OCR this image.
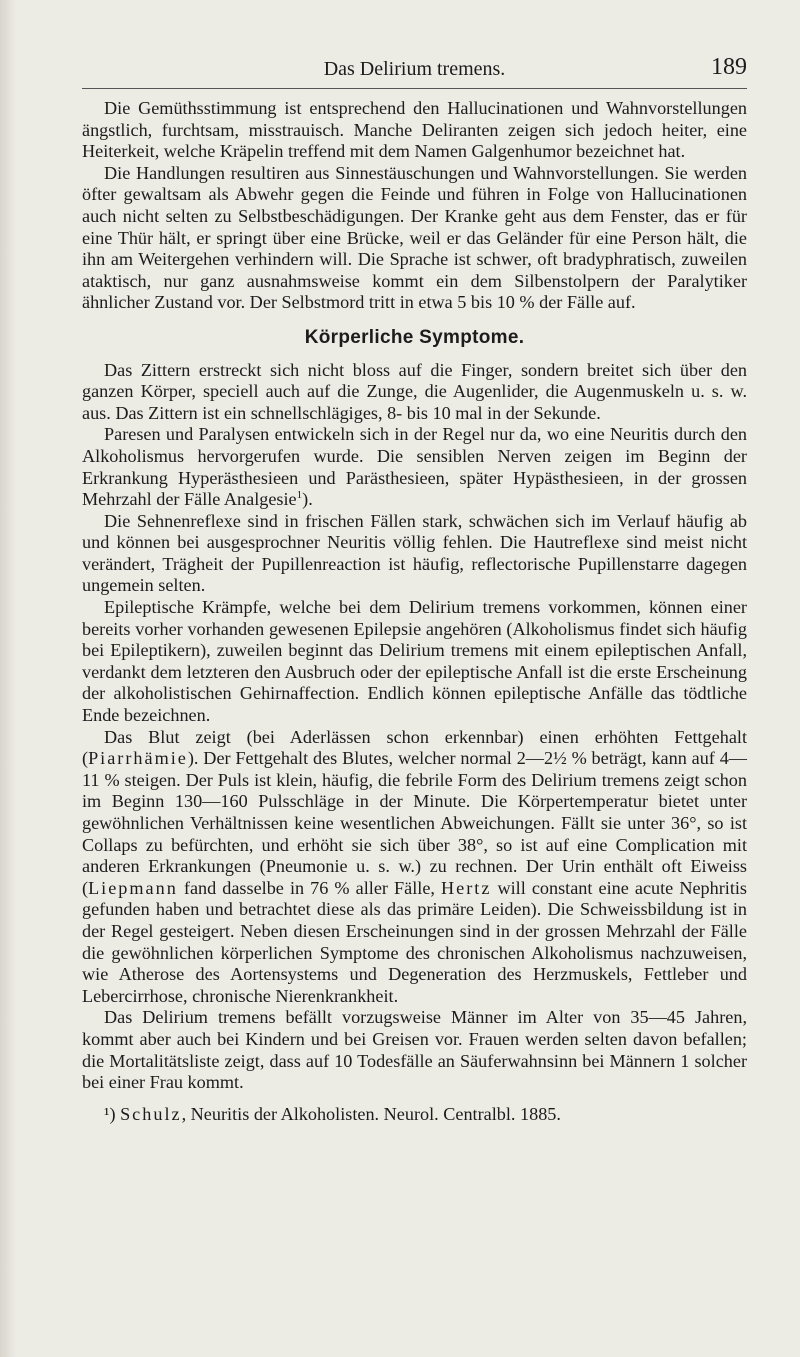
Das Delirium tremens.	189

Die Gemüthsstimmung ist entsprechend den Hallucinationen und Wahnvorstellungen ängstlich, furchtsam, misstrauisch. Manche Deliranten zeigen sich jedoch heiter, eine Heiterkeit, welche Kräpelin treffend mit dem Namen Galgenhumor bezeichnet hat.

Die Handlungen resultiren aus Sinnestäuschungen und Wahnvorstellungen. Sie werden öfter gewaltsam als Abwehr gegen die Feinde und führen in Folge von Hallucinationen auch nicht selten zu Selbstbeschädigungen. Der Kranke geht aus dem Fenster, das er für eine Thür hält, er springt über eine Brücke, weil er das Geländer für eine Person hält, die ihn am Weitergehen verhindern will. Die Sprache ist schwer, oft bradyphratisch, zuweilen ataktisch, nur ganz ausnahmsweise kommt ein dem Silbenstolpern der Paralytiker ähnlicher Zustand vor. Der Selbstmord tritt in etwa 5 bis 10 % der Fälle auf.

Körperliche Symptome.

Das Zittern erstreckt sich nicht bloss auf die Finger, sondern breitet sich über den ganzen Körper, speciell auch auf die Zunge, die Augenlider, die Augenmuskeln u. s. w. aus. Das Zittern ist ein schnellschlägiges, 8- bis 10 mal in der Sekunde.

Paresen und Paralysen entwickeln sich in der Regel nur da, wo eine Neuritis durch den Alkoholismus hervorgerufen wurde. Die sensiblen Nerven zeigen im Beginn der Erkrankung Hyperästhesieen und Parästhesieen, später Hypästhesieen, in der grossen Mehrzahl der Fälle Analgesie$^1$).

Die Sehnenreflexe sind in frischen Fällen stark, schwächen sich im Verlauf häufig ab und können bei ausgesprochner Neuritis völlig fehlen. Die Hautreflexe sind meist nicht verändert, Trägheit der Pupillenreaction ist häufig, reflectorische Pupillenstarre dagegen ungemein selten.

Epileptische Krämpfe, welche bei dem Delirium tremens vorkommen, können einer bereits vorher vorhanden gewesenen Epilepsie angehören (Alkoholismus findet sich häufig bei Epileptikern), zuweilen beginnt das Delirium tremens mit einem epileptischen Anfall, verdankt dem letzteren den Ausbruch oder der epileptische Anfall ist die erste Erscheinung der alkoholistischen Gehirnaffection. Endlich können epileptische Anfälle das tödtliche Ende bezeichnen.

Das Blut zeigt (bei Aderlässen schon erkennbar) einen erhöhten Fettgehalt (Piarrhämie). Der Fettgehalt des Blutes, welcher normal 2—2½ % beträgt, kann auf 4—11 % steigen. Der Puls ist klein, häufig, die febrile Form des Delirium tremens zeigt schon im Beginn 130—160 Pulsschläge in der Minute. Die Körpertemperatur bietet unter gewöhnlichen Verhältnissen keine wesentlichen Abweichungen. Fällt sie unter 36°, so ist Collaps zu befürchten, und erhöht sie sich über 38°, so ist auf eine Complication mit anderen Erkrankungen (Pneumonie u. s. w.) zu rechnen. Der Urin enthält oft Eiweiss (Liepmann fand dasselbe in 76 % aller Fälle, Hertz will constant eine acute Nephritis gefunden haben und betrachtet diese als das primäre Leiden). Die Schweissbildung ist in der Regel gesteigert. Neben diesen Erscheinungen sind in der grossen Mehrzahl der Fälle die gewöhnlichen körperlichen Symptome des chronischen Alkoholismus nachzuweisen, wie Atherose des Aortensystems und Degeneration des Herzmuskels, Fettleber und Lebercirrhose, chronische Nierenkrankheit.

Das Delirium tremens befällt vorzugsweise Männer im Alter von 35—45 Jahren, kommt aber auch bei Kindern und bei Greisen vor. Frauen werden selten davon befallen; die Mortalitätsliste zeigt, dass auf 10 Todesfälle an Säuferwahnsinn bei Männern 1 solcher bei einer Frau kommt.

¹) Schulz, Neuritis der Alkoholisten. Neurol. Centralbl. 1885.
